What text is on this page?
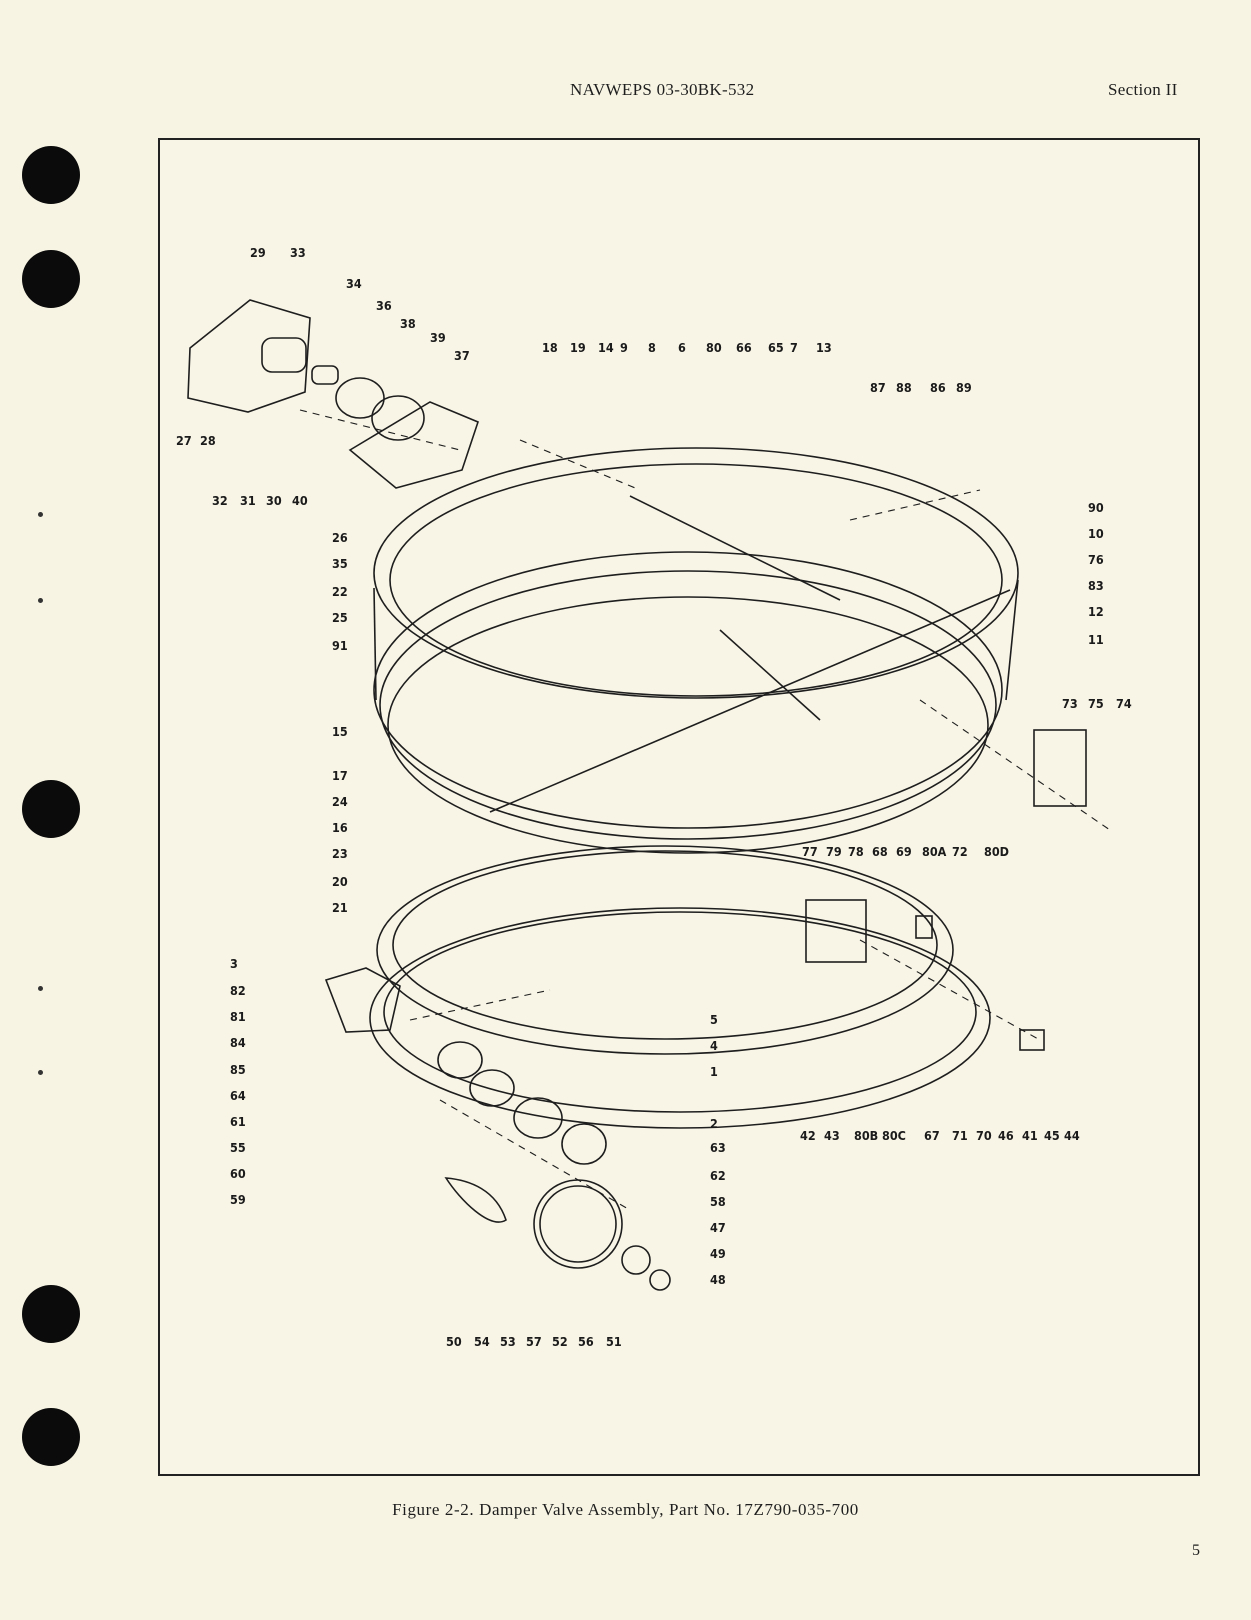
NAVWEPS 03-30BK-532	Section II
29 33
34
36
38
39
37
27 28
32 31 30 40
18 19 14 9 8 6 80 66 65 7 13
87 88 86 89
90
10
76
83
12
11
26
35
22
25
91
15
73 75 74
17
24
16
23
20
21
77 79 78 68 69 80A 72 80D
3
82
81
84
85
64
61
55
60
59
5
4
1
2
63
62
58
47
49
48
42 43 80B 80C 67 71 70 46 41 45 44
50 54 53 57 52 56 51
Figure 2-2. Damper Valve Assembly, Part No. 17Z790-035-700
5
